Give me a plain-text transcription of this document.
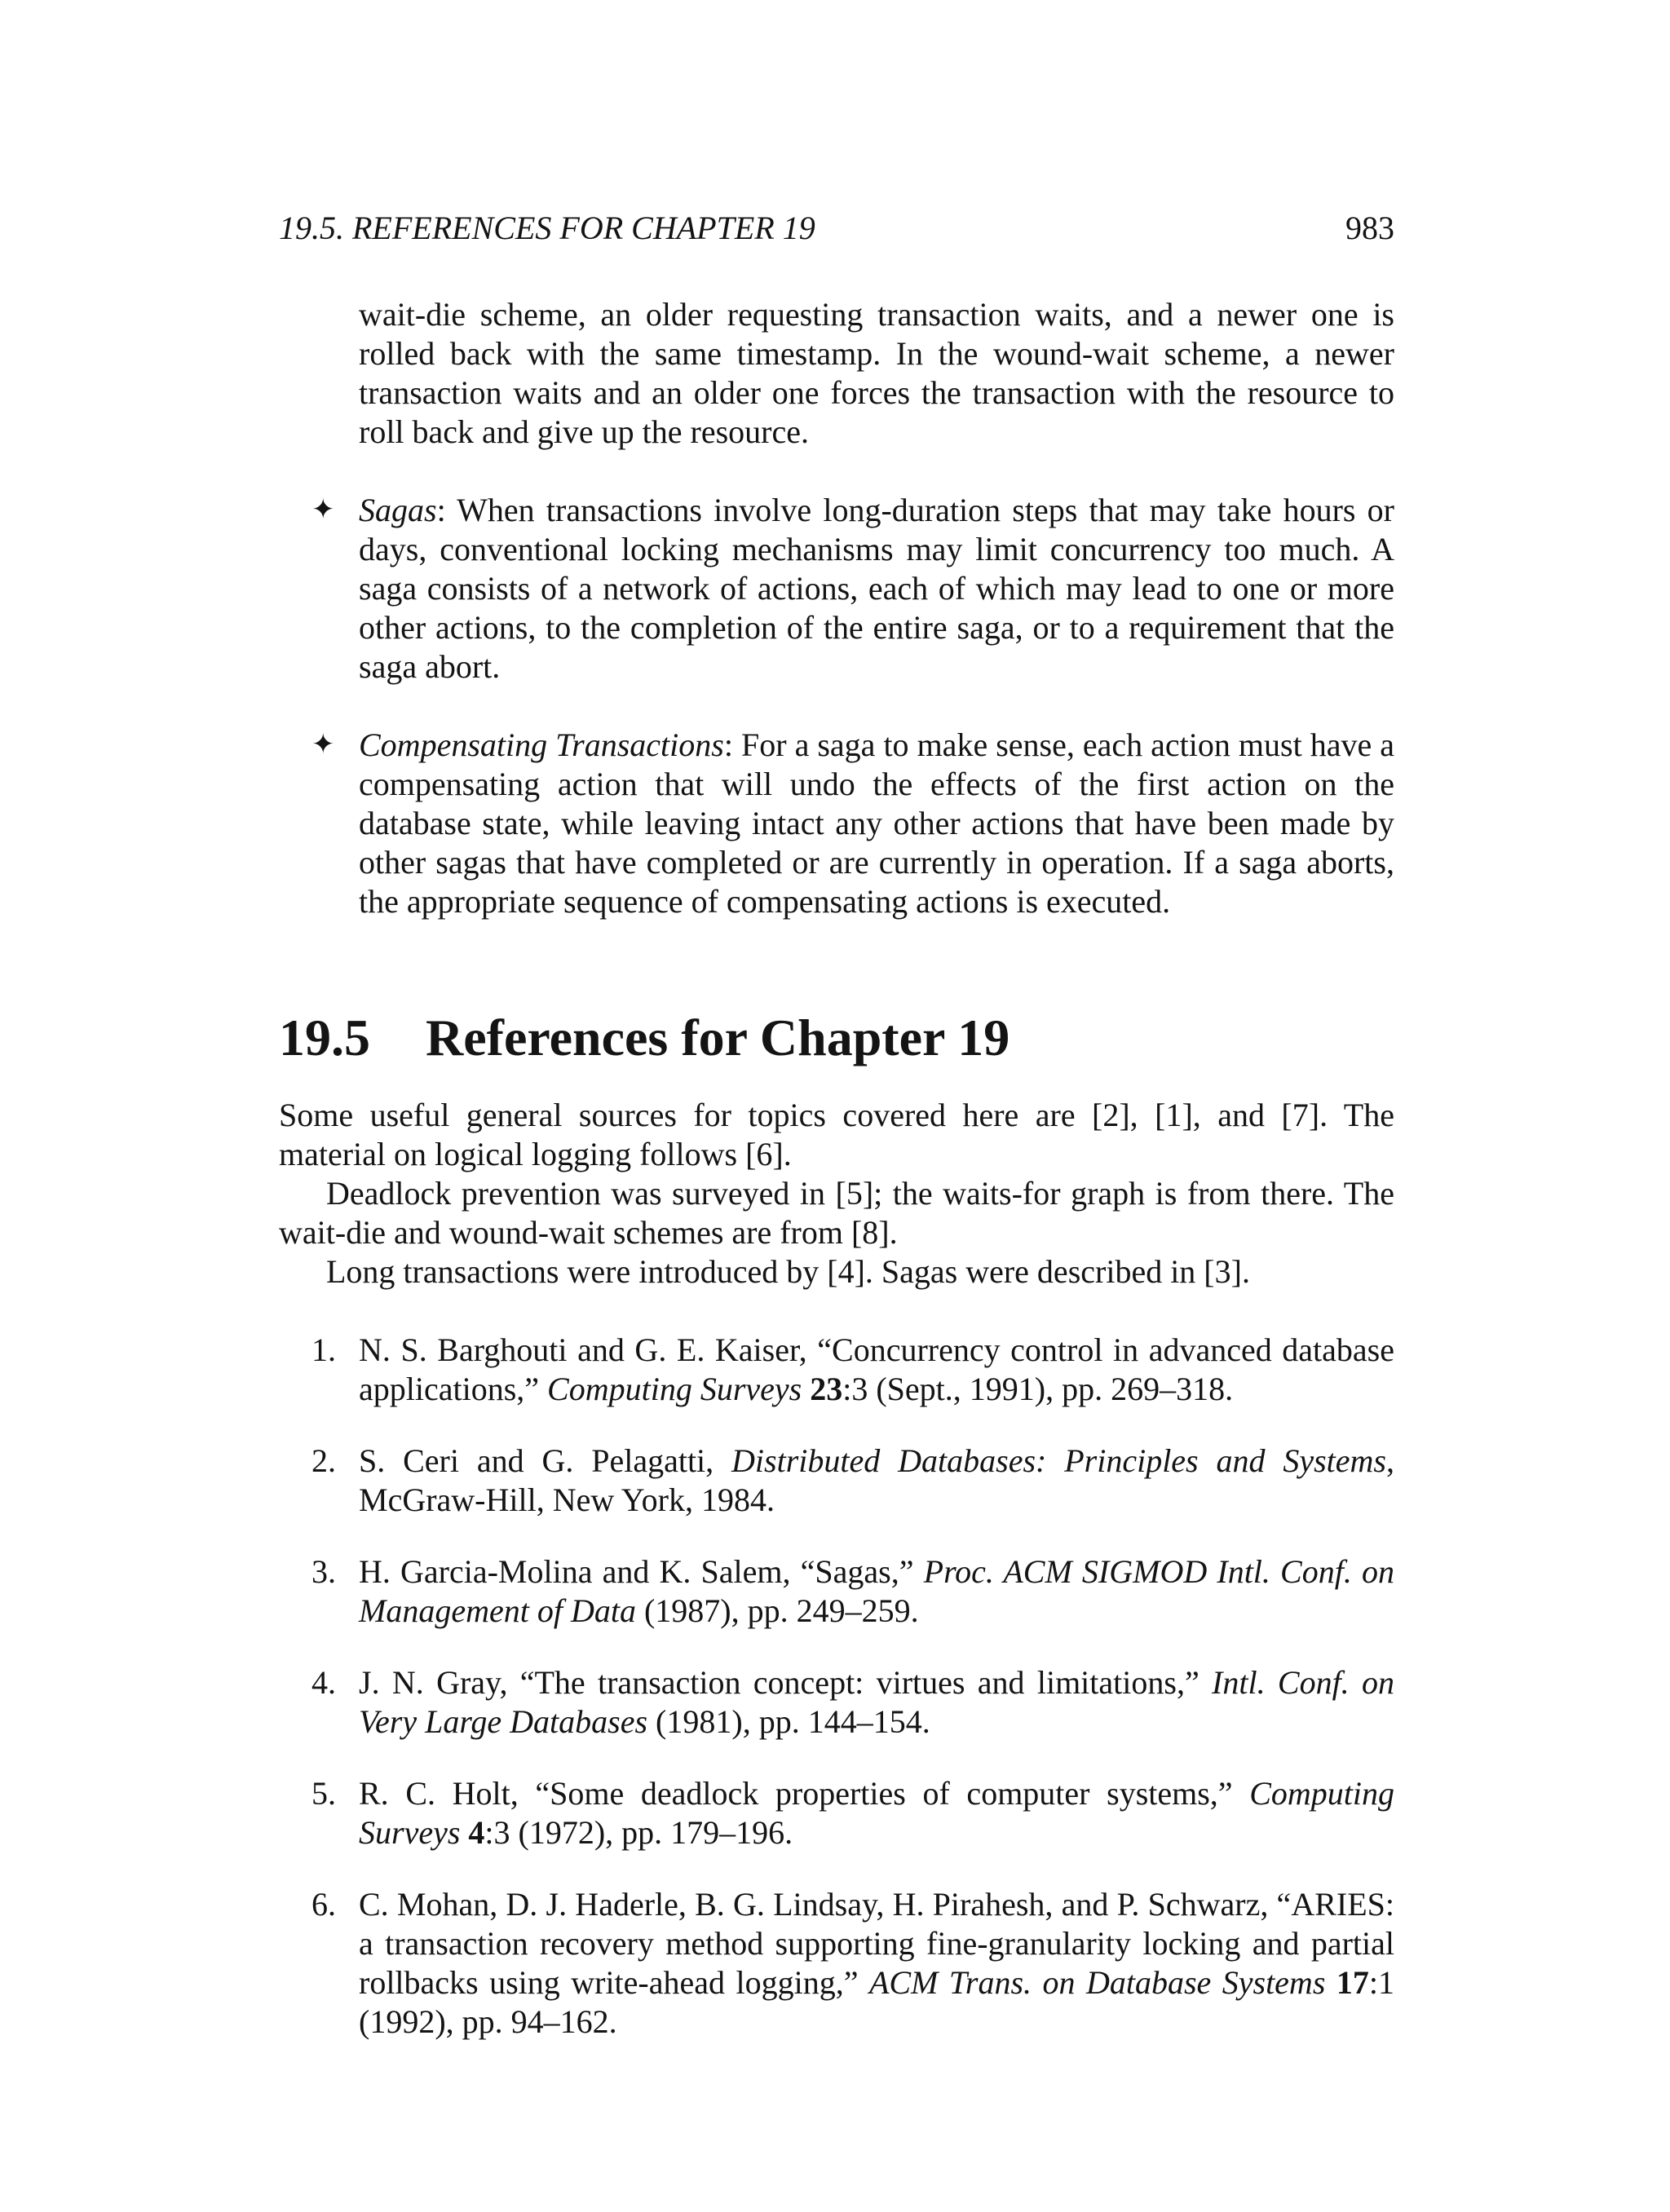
19.5. REFERENCES FOR CHAPTER 19	983
wait-die scheme, an older requesting transaction waits, and a newer one is rolled back with the same timestamp. In the wound-wait scheme, a newer transaction waits and an older one forces the transaction with the resource to roll back and give up the resource.
✦ Sagas: When transactions involve long-duration steps that may take hours or days, conventional locking mechanisms may limit concurrency too much. A saga consists of a network of actions, each of which may lead to one or more other actions, to the completion of the entire saga, or to a requirement that the saga abort.
✦ Compensating Transactions: For a saga to make sense, each action must have a compensating action that will undo the effects of the first action on the database state, while leaving intact any other actions that have been made by other sagas that have completed or are currently in operation. If a saga aborts, the appropriate sequence of compensating actions is executed.
19.5 References for Chapter 19

Some useful general sources for topics covered here are [2], [1], and [7]. The material on logical logging follows [6].

Deadlock prevention was surveyed in [5]; the waits-for graph is from there. The wait-die and wound-wait schemes are from [8].

Long transactions were introduced by [4]. Sagas were described in [3].

1. N. S. Barghouti and G. E. Kaiser, “Concurrency control in advanced database applications,” Computing Surveys 23:3 (Sept., 1991), pp. 269–318.
2. S. Ceri and G. Pelagatti, Distributed Databases: Principles and Systems, McGraw-Hill, New York, 1984.
3. H. Garcia-Molina and K. Salem, “Sagas,” Proc. ACM SIGMOD Intl. Conf. on Management of Data (1987), pp. 249–259.
4. J. N. Gray, “The transaction concept: virtues and limitations,” Intl. Conf. on Very Large Databases (1981), pp. 144–154.
5. R. C. Holt, “Some deadlock properties of computer systems,” Computing Surveys 4:3 (1972), pp. 179–196.
6. C. Mohan, D. J. Haderle, B. G. Lindsay, H. Pirahesh, and P. Schwarz, “ARIES: a transaction recovery method supporting fine-granularity locking and partial rollbacks using write-ahead logging,” ACM Trans. on Database Systems 17:1 (1992), pp. 94–162.
